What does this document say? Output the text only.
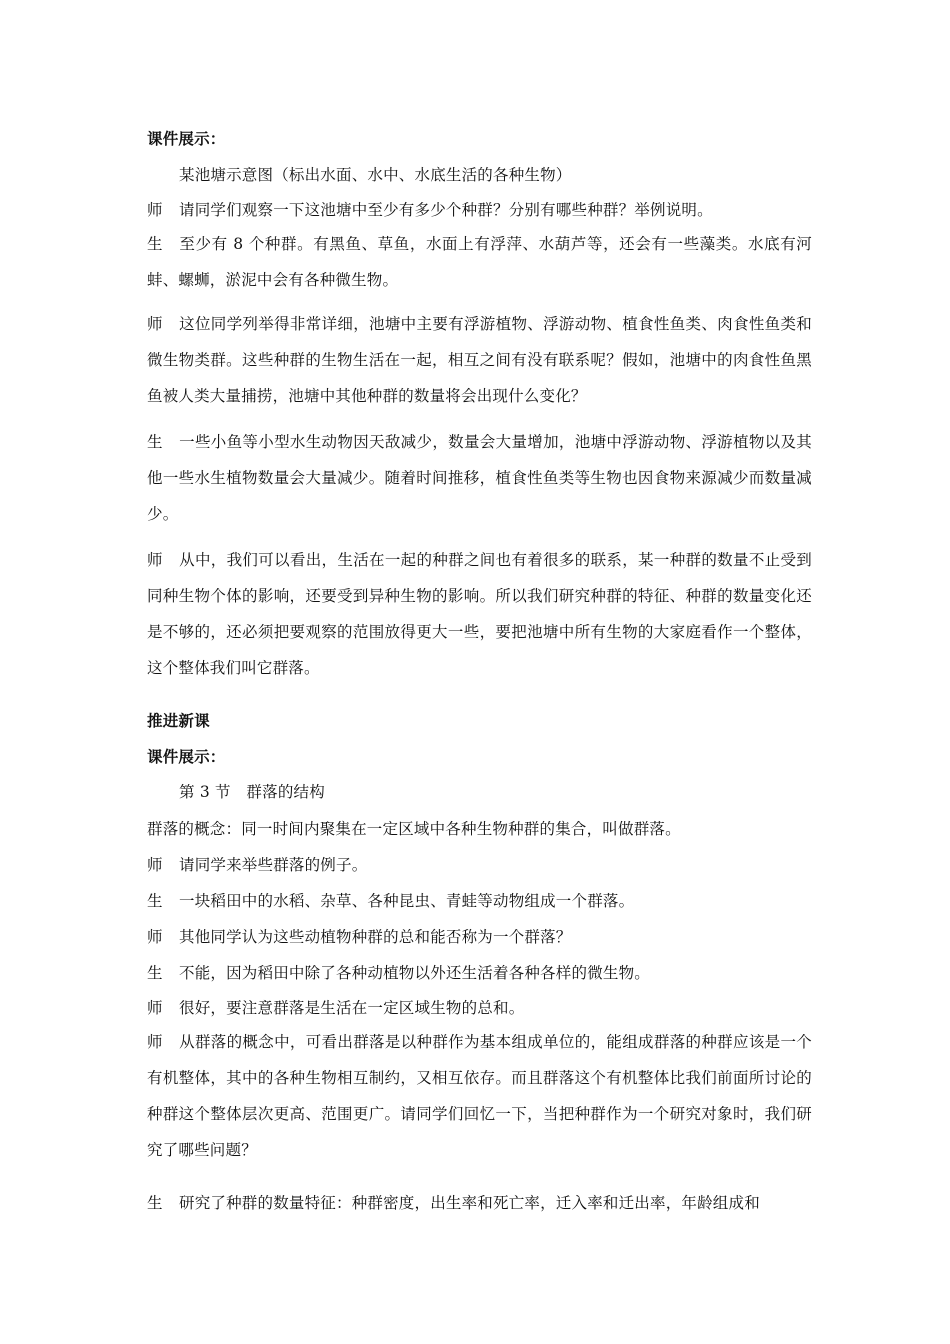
课件展示：
某池塘示意图（标出水面、水中、水底生活的各种生物）
师 请同学们观察一下这池塘中至少有多少个种群？分别有哪些种群？举例说明。
生 至少有 8 个种群。有黑鱼、草鱼，水面上有浮萍、水葫芦等，还会有一些藻类。水底有河蚌、螺蛳，淤泥中会有各种微生物。
师 这位同学列举得非常详细，池塘中主要有浮游植物、浮游动物、植食性鱼类、肉食性鱼类和微生物类群。这些种群的生物生活在一起，相互之间有没有联系呢？假如，池塘中的肉食性鱼黑鱼被人类大量捕捞，池塘中其他种群的数量将会出现什么变化？
生 一些小鱼等小型水生动物因天敌减少，数量会大量增加，池塘中浮游动物、浮游植物以及其他一些水生植物数量会大量减少。随着时间推移，植食性鱼类等生物也因食物来源减少而数量减少。
师 从中，我们可以看出，生活在一起的种群之间也有着很多的联系，某一种群的数量不止受到同种生物个体的影响，还要受到异种生物的影响。所以我们研究种群的特征、种群的数量变化还是不够的，还必须把要观察的范围放得更大一些，要把池塘中所有生物的大家庭看作一个整体，这个整体我们叫它群落。
推进新课
课件展示：
第 3 节　群落的结构
群落的概念：同一时间内聚集在一定区域中各种生物种群的集合，叫做群落。
师 请同学来举些群落的例子。
生 一块稻田中的水稻、杂草、各种昆虫、青蛙等动物组成一个群落。
师 其他同学认为这些动植物种群的总和能否称为一个群落？
生 不能，因为稻田中除了各种动植物以外还生活着各种各样的微生物。
师 很好，要注意群落是生活在一定区域生物的总和。
师 从群落的概念中，可看出群落是以种群作为基本组成单位的，能组成群落的种群应该是一个有机整体，其中的各种生物相互制约，又相互依存。而且群落这个有机整体比我们前面所讨论的种群这个整体层次更高、范围更广。请同学们回忆一下，当把种群作为一个研究对象时，我们研究了哪些问题？
生 研究了种群的数量特征：种群密度，出生率和死亡率，迁入率和迁出率，年龄组成和
